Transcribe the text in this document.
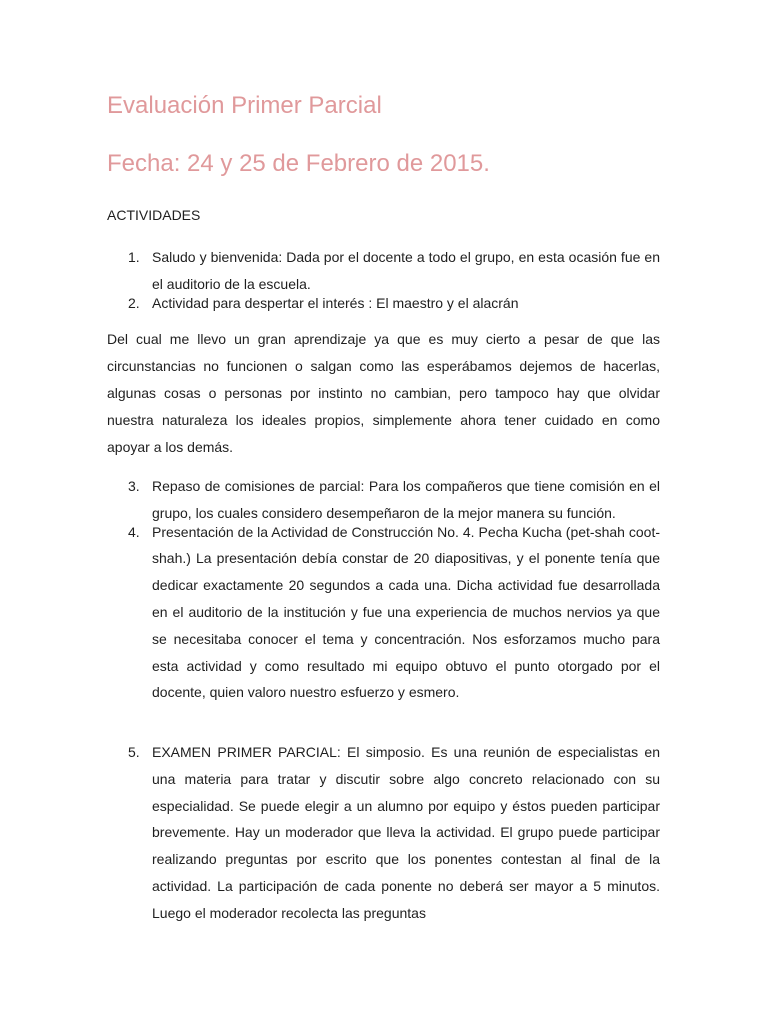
Evaluación Primer Parcial
Fecha: 24 y 25 de Febrero de 2015.
ACTIVIDADES
1. Saludo y bienvenida: Dada por el docente a todo el grupo, en esta ocasión fue en el auditorio de la escuela.
2. Actividad para despertar el interés : El maestro y el alacrán

Del cual me llevo un gran aprendizaje ya que es muy cierto a pesar de que las circunstancias no funcionen o salgan como las esperábamos dejemos de hacerlas, algunas cosas o personas por instinto no cambian, pero tampoco hay que olvidar nuestra naturaleza los ideales propios, simplemente ahora tener cuidado en como apoyar a los demás.

3. Repaso de comisiones de parcial: Para los compañeros que tiene comisión en el grupo, los cuales considero desempeñaron de la mejor manera su función.
4. Presentación de la Actividad de Construcción No. 4. Pecha Kucha (pet-shah coot-shah.) La presentación debía constar de 20 diapositivas, y el ponente tenía que dedicar exactamente 20 segundos a cada una. Dicha actividad fue desarrollada en el auditorio de la institución y fue una experiencia de muchos nervios ya que se necesitaba conocer el tema y concentración. Nos esforzamos mucho para esta actividad y como resultado mi equipo obtuvo el punto otorgado por el docente, quien valoro nuestro esfuerzo y esmero.
5. EXAMEN PRIMER PARCIAL: El simposio. Es una reunión de especialistas en una materia para tratar y discutir sobre algo concreto relacionado con su especialidad. Se puede elegir a un alumno por equipo y éstos pueden participar brevemente. Hay un moderador que lleva la actividad. El grupo puede participar realizando preguntas por escrito que los ponentes contestan al final de la actividad. La participación de cada ponente no deberá ser mayor a 5 minutos. Luego el moderador recolecta las preguntas
